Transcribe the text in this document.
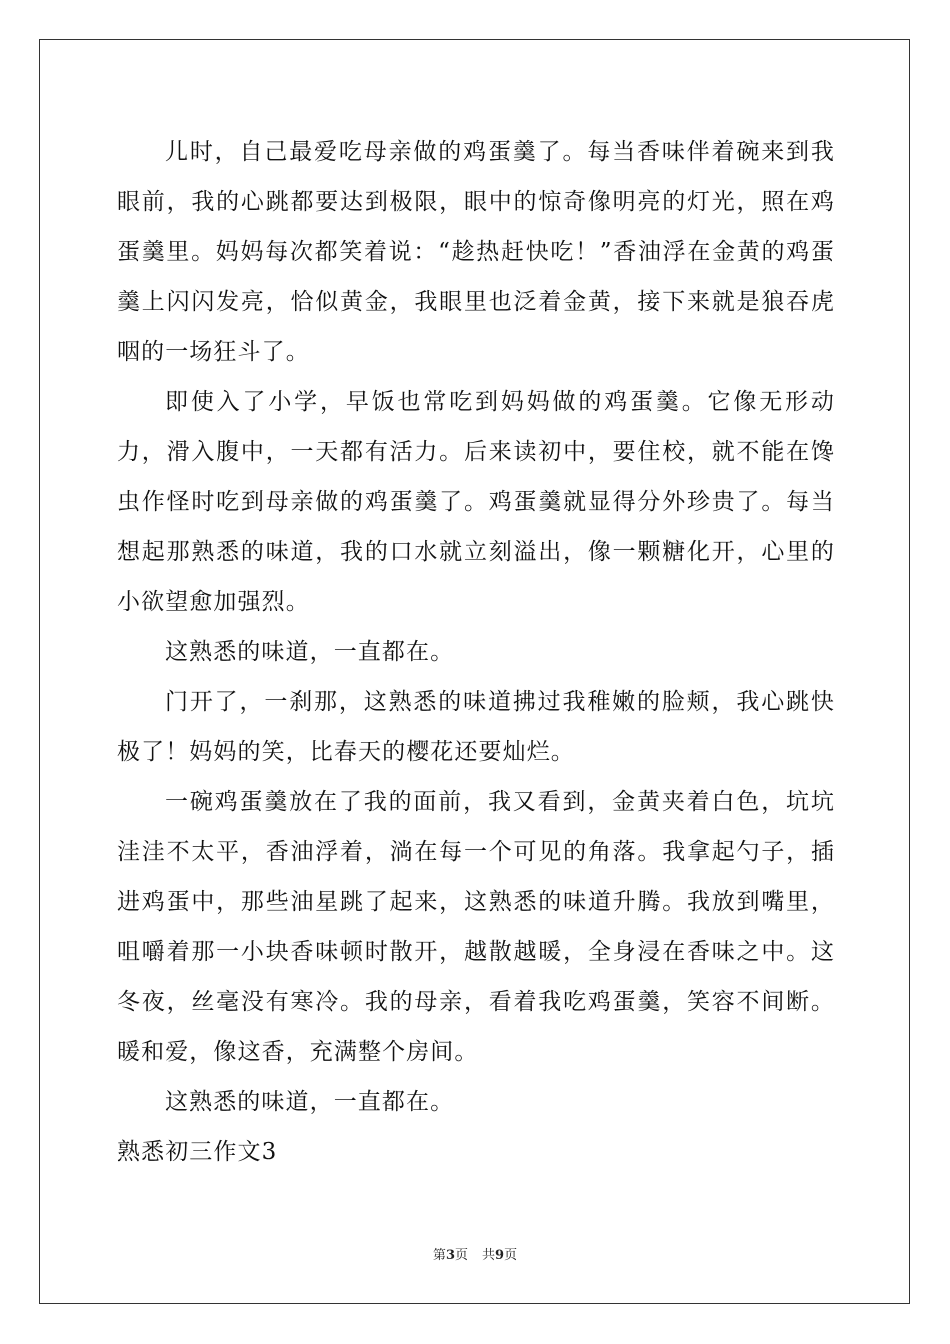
儿时，自己最爱吃母亲做的鸡蛋羹了。每当香味伴着碗来到我眼前，我的心跳都要达到极限，眼中的惊奇像明亮的灯光，照在鸡蛋羹里。妈妈每次都笑着说：“趁热赶快吃！”香油浮在金黄的鸡蛋羹上闪闪发亮，恰似黄金，我眼里也泛着金黄，接下来就是狼吞虎咽的一场狂斗了。

即使入了小学，早饭也常吃到妈妈做的鸡蛋羹。它像无形动力，滑入腹中，一天都有活力。后来读初中，要住校，就不能在馋虫作怪时吃到母亲做的鸡蛋羹了。鸡蛋羹就显得分外珍贵了。每当想起那熟悉的味道，我的口水就立刻溢出，像一颗糖化开，心里的小欲望愈加强烈。

这熟悉的味道，一直都在。

门开了，一刹那，这熟悉的味道拂过我稚嫩的脸颊，我心跳快极了！妈妈的笑，比春天的樱花还要灿烂。

一碗鸡蛋羹放在了我的面前，我又看到，金黄夹着白色，坑坑洼洼不太平，香油浮着，淌在每一个可见的角落。我拿起勺子，插进鸡蛋中，那些油星跳了起来，这熟悉的味道升腾。我放到嘴里，咀嚼着那一小块香味顿时散开，越散越暖，全身浸在香味之中。这冬夜，丝毫没有寒冷。我的母亲，看着我吃鸡蛋羹，笑容不间断。暖和爱，像这香，充满整个房间。

这熟悉的味道，一直都在。

熟悉初三作文3

第3页 共9页
